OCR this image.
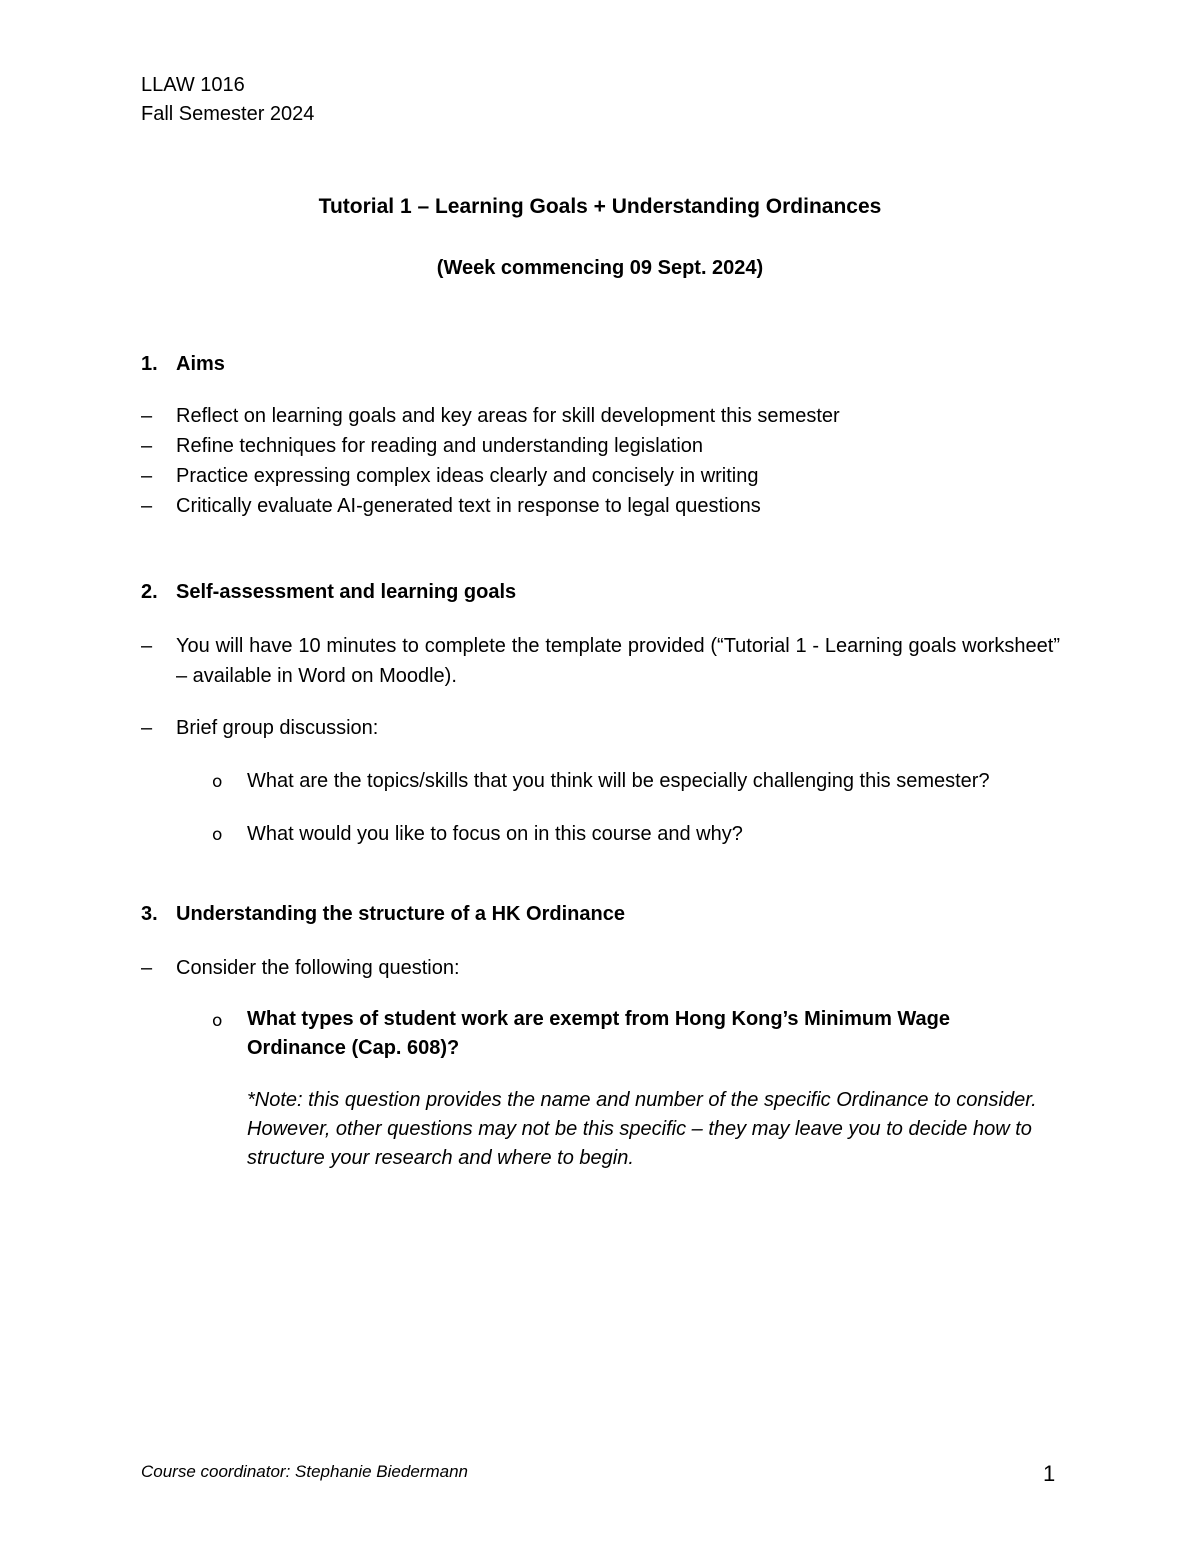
LLAW 1016
Fall Semester 2024
Tutorial 1 – Learning Goals + Understanding Ordinances
(Week commencing 09 Sept. 2024)
1. Aims
– Reflect on learning goals and key areas for skill development this semester
– Refine techniques for reading and understanding legislation
– Practice expressing complex ideas clearly and concisely in writing
– Critically evaluate AI-generated text in response to legal questions
2. Self-assessment and learning goals
– You will have 10 minutes to complete the template provided (“Tutorial 1 - Learning goals worksheet” – available in Word on Moodle).
– Brief group discussion:
o What are the topics/skills that you think will be especially challenging this semester?
o What would you like to focus on in this course and why?
3. Understanding the structure of a HK Ordinance
– Consider the following question:
o What types of student work are exempt from Hong Kong’s Minimum Wage Ordinance (Cap. 608)?
*Note: this question provides the name and number of the specific Ordinance to consider. However, other questions may not be this specific – they may leave you to decide how to structure your research and where to begin.
Course coordinator: Stephanie Biedermann	1
